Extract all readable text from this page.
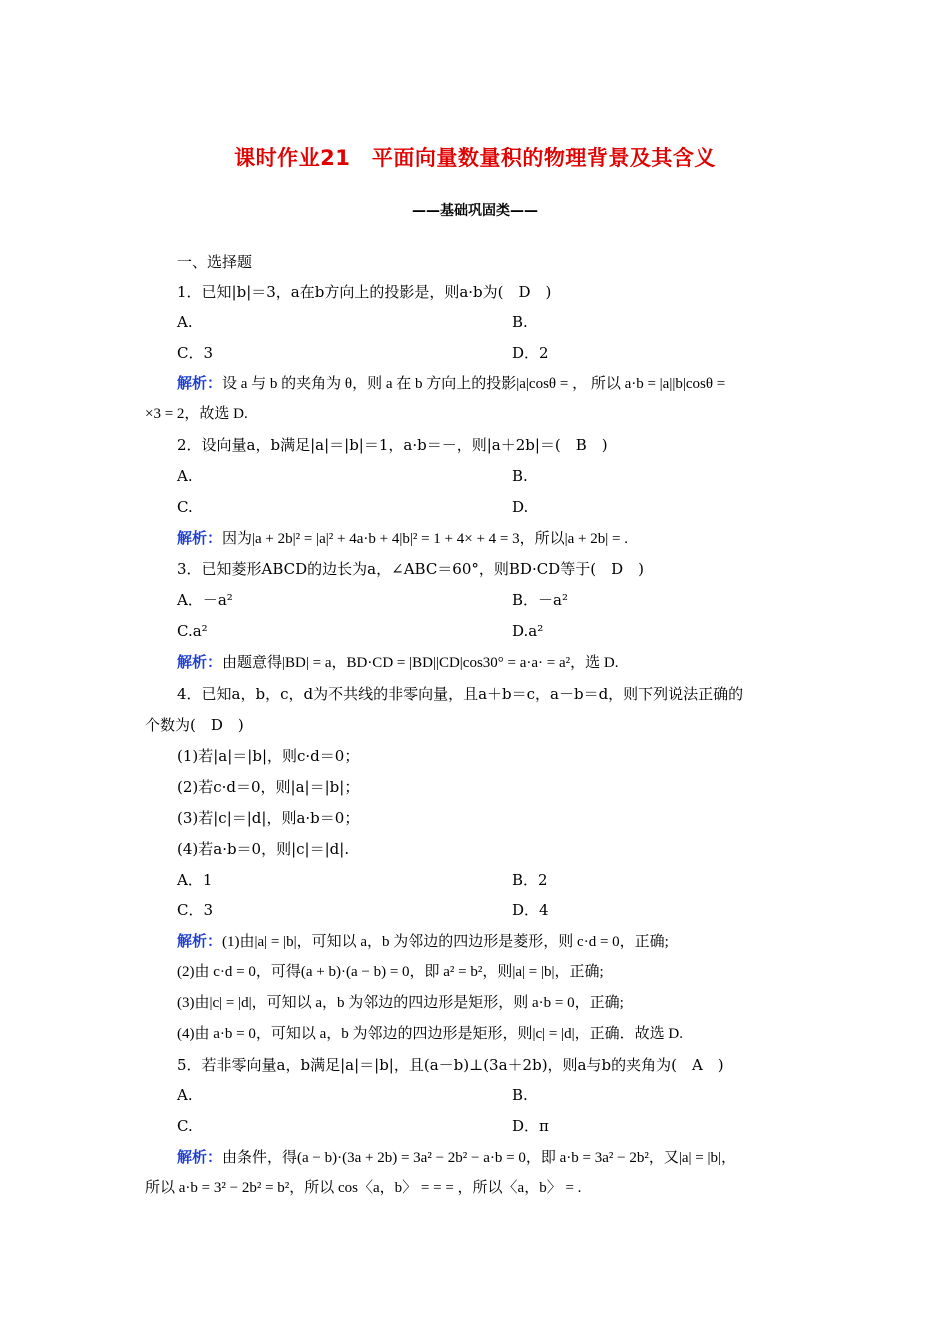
课时作业21　平面向量数量积的物理背景及其含义
——基础巩固类——
一、选择题
1．已知|b|＝3，a在b方向上的投影是，则a·b为(　D　)
A.	B.
C．3	D．2
解析：设 a 与 b 的夹角为 θ，则 a 在 b 方向上的投影|a|cosθ = ， 所以 a·b = |a||b|cosθ =
×3 = 2，故选 D.
2．设向量a，b满足|a|＝|b|＝1，a·b＝－，则|a＋2b|＝(　B　)
A.	B.
C.	D.
解析：因为|a + 2b|² = |a|² + 4a·b + 4|b|² = 1 + 4× + 4 = 3，所以|a + 2b| = .
3．已知菱形ABCD的边长为a，∠ABC＝60°，则BD·CD等于(　D　)
A．－a²	B．－a²
C.a²	D.a²
解析：由题意得|BD| = a，BD·CD = |BD||CD|cos30° = a·a· = a²，选 D.
4．已知a，b，c，d为不共线的非零向量，且a＋b＝c，a－b＝d，则下列说法正确的
个数为(　D　)
(1)若|a|＝|b|，则c·d＝0；
(2)若c·d＝0，则|a|＝|b|；
(3)若|c|＝|d|，则a·b＝0；
(4)若a·b＝0，则|c|＝|d|.
A．1	B．2
C．3	D．4
解析：(1)由|a| = |b|，可知以 a，b 为邻边的四边形是菱形，则 c·d = 0，正确;
(2)由 c·d = 0，可得(a + b)·(a − b) = 0，即 a² = b²，则|a| = |b|，正确;
(3)由|c| = |d|，可知以 a，b 为邻边的四边形是矩形，则 a·b = 0，正确;
(4)由 a·b = 0，可知以 a，b 为邻边的四边形是矩形，则|c| = |d|，正确．故选 D.
5．若非零向量a，b满足|a|＝|b|，且(a－b)⊥(3a＋2b)，则a与b的夹角为(　A　)
A.	B.
C.	D．π
解析：由条件，得(a − b)·(3a + 2b) = 3a² − 2b² − a·b = 0，即 a·b = 3a² − 2b²，又|a| = |b|，
所以 a·b = 3² − 2b² = b²，所以 cos〈a，b〉 = = = ，所以〈a，b〉 = .
